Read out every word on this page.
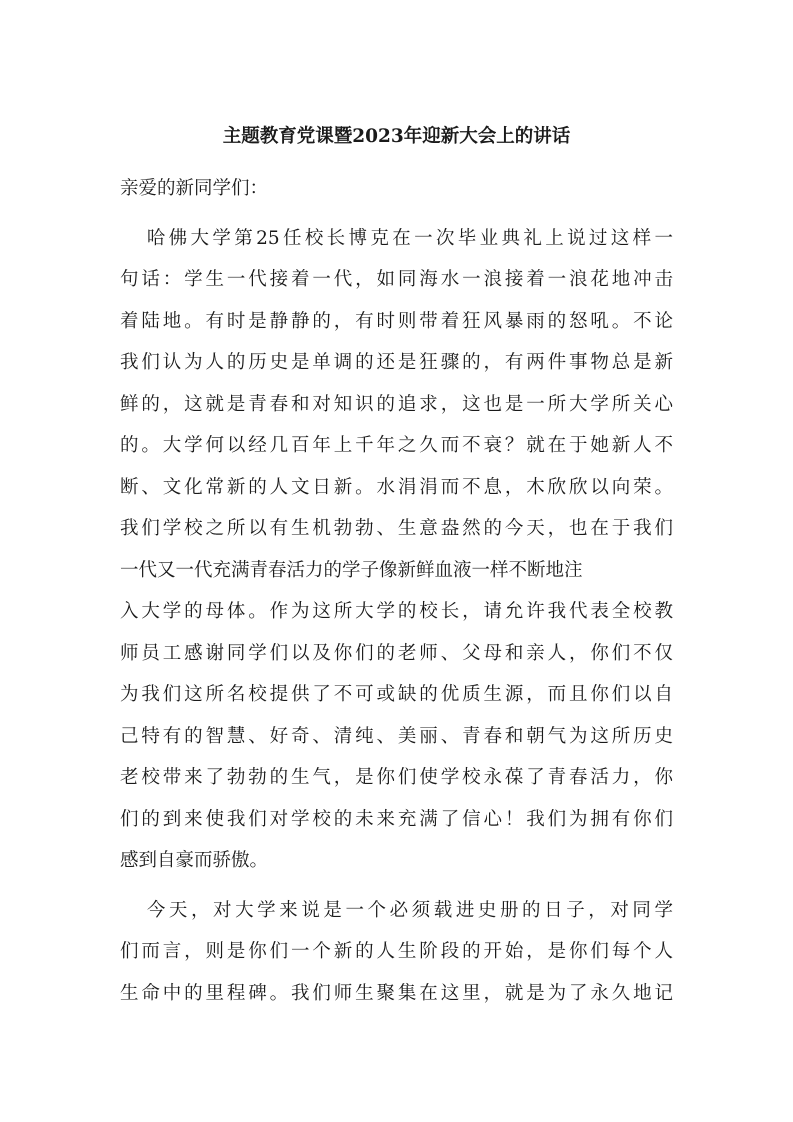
主题教育党课暨2023年迎新大会上的讲话
亲爱的新同学们：
哈佛大学第25任校长博克在一次毕业典礼上说过这样一
句话：学生一代接着一代，如同海水一浪接着一浪花地冲击
着陆地。有时是静静的，有时则带着狂风暴雨的怒吼。不论
我们认为人的历史是单调的还是狂骤的，有两件事物总是新
鲜的，这就是青春和对知识的追求，这也是一所大学所关心
的。大学何以经几百年上千年之久而不衰？就在于她新人不
断、文化常新的人文日新。水涓涓而不息，木欣欣以向荣。
我们学校之所以有生机勃勃、生意盎然的今天，也在于我们
一代又一代充满青春活力的学子像新鲜血液一样不断地注
入大学的母体。作为这所大学的校长，请允许我代表全校教
师员工感谢同学们以及你们的老师、父母和亲人，你们不仅
为我们这所名校提供了不可或缺的优质生源，而且你们以自
己特有的智慧、好奇、清纯、美丽、青春和朝气为这所历史
老校带来了勃勃的生气，是你们使学校永葆了青春活力，你
们的到来使我们对学校的未来充满了信心！我们为拥有你们
感到自豪而骄傲。
今天，对大学来说是一个必须载进史册的日子，对同学
们而言，则是你们一个新的人生阶段的开始，是你们每个人
生命中的里程碑。我们师生聚集在这里，就是为了永久地记
